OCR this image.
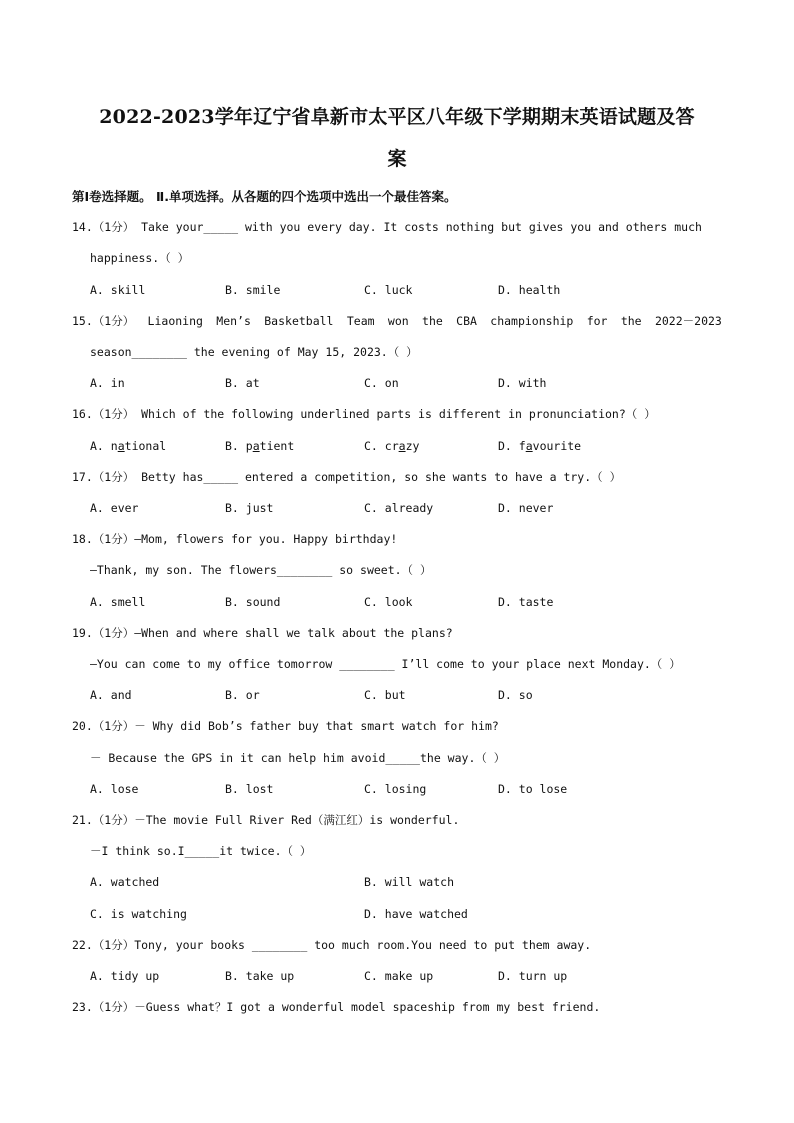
2022-2023学年辽宁省阜新市太平区八年级下学期期末英语试题及答
案
第Ⅰ卷选择题。 Ⅱ.单项选择。从各题的四个选项中选出一个最佳答案。
14.（1分） Take your_____ with you every day. It costs nothing but gives you and others much
happiness.（ ）
A. skill	B. smile	C. luck	D. health
15.（1分） Liaoning Men’s Basketball Team won the CBA championship for the 2022－2023
season________ the evening of May 15, 2023.（ ）
A. in	B. at	C. on	D. with
16.（1分） Which of the following underlined parts is different in pronunciation?（ ）
A. national	B. patient	C. crazy	D. favourite
17.（1分） Betty has_____ entered a competition, so she wants to have a try.（ ）
A. ever	B. just	C. already	D. never
18.（1分）—Mom, flowers for you. Happy birthday!
—Thank, my son. The flowers________ so sweet.（ ）
A. smell	B. sound	C. look	D. taste
19.（1分）—When and where shall we talk about the plans?
—You can come to my office tomorrow ________ I’ll come to your place next Monday.（ ）
A. and	B. or	C. but	D. so
20.（1分）－ Why did Bob’s father buy that smart watch for him?
－ Because the GPS in it can help him avoid_____the way.（ ）
A. lose	B. lost	C. losing	D. to lose
21.（1分）－The movie Full River Red（满江红）is wonderful.
－I think so.I_____it twice.（ ）
A. watched	B. will watch
C. is watching	D. have watched
22.（1分）Tony, your books ________ too much room.You need to put them away.
A. tidy up	B. take up	C. make up	D. turn up
23.（1分）－Guess what？I got a wonderful model spaceship from my best friend.
